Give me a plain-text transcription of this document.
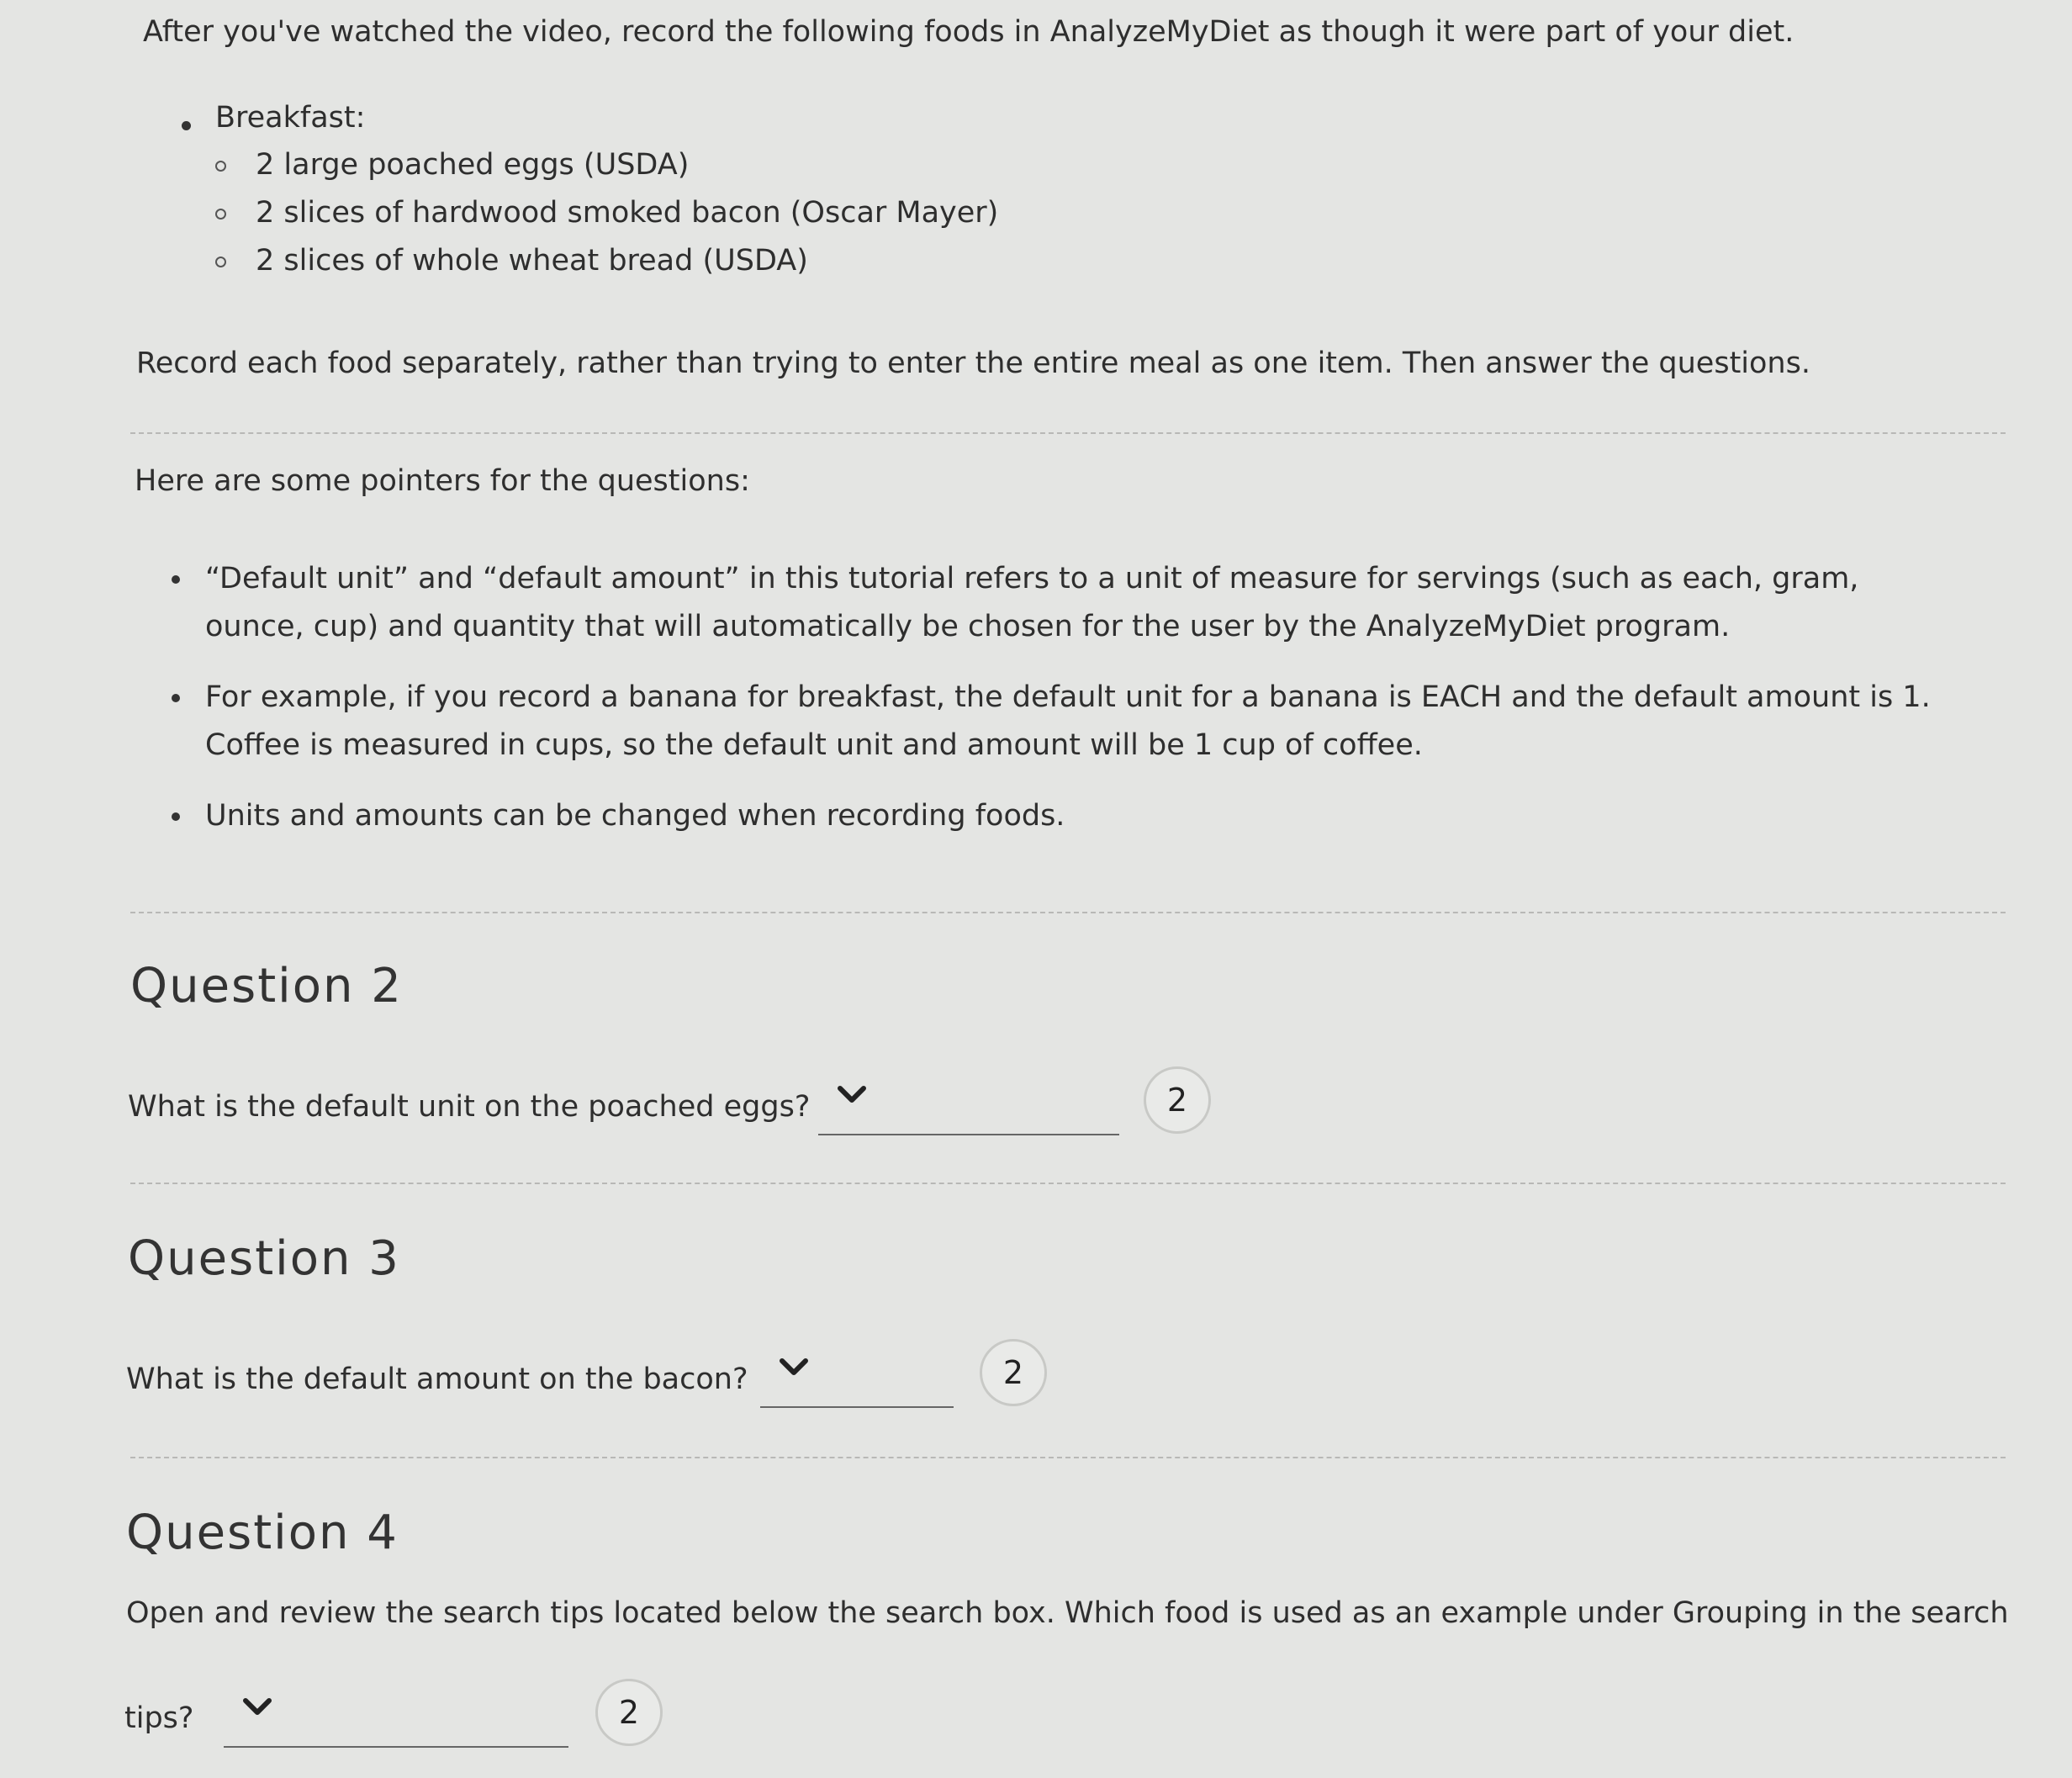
After you've watched the video, record the following foods in AnalyzeMyDiet as though it were part of your diet.

Breakfast:
2 large poached eggs (USDA)
2 slices of hardwood smoked bacon (Oscar Mayer)
2 slices of whole wheat bread (USDA)

Record each food separately, rather than trying to enter the entire meal as one item. Then answer the questions.

Here are some pointers for the questions:

“Default unit” and “default amount” in this tutorial refers to a unit of measure for servings (such as each, gram, ounce, cup) and quantity that will automatically be chosen for the user by the AnalyzeMyDiet program.
For example, if you record a banana for breakfast, the default unit for a banana is EACH and the default amount is 1. Coffee is measured in cups, so the default unit and amount will be 1 cup of coffee.
Units and amounts can be changed when recording foods.
Question 2

What is the default unit on the poached eggs?	2
Question 3

What is the default amount on the bacon?	2
Question 4

Open and review the search tips located below the search box. Which food is used as an example under Grouping in the search

tips?	2
